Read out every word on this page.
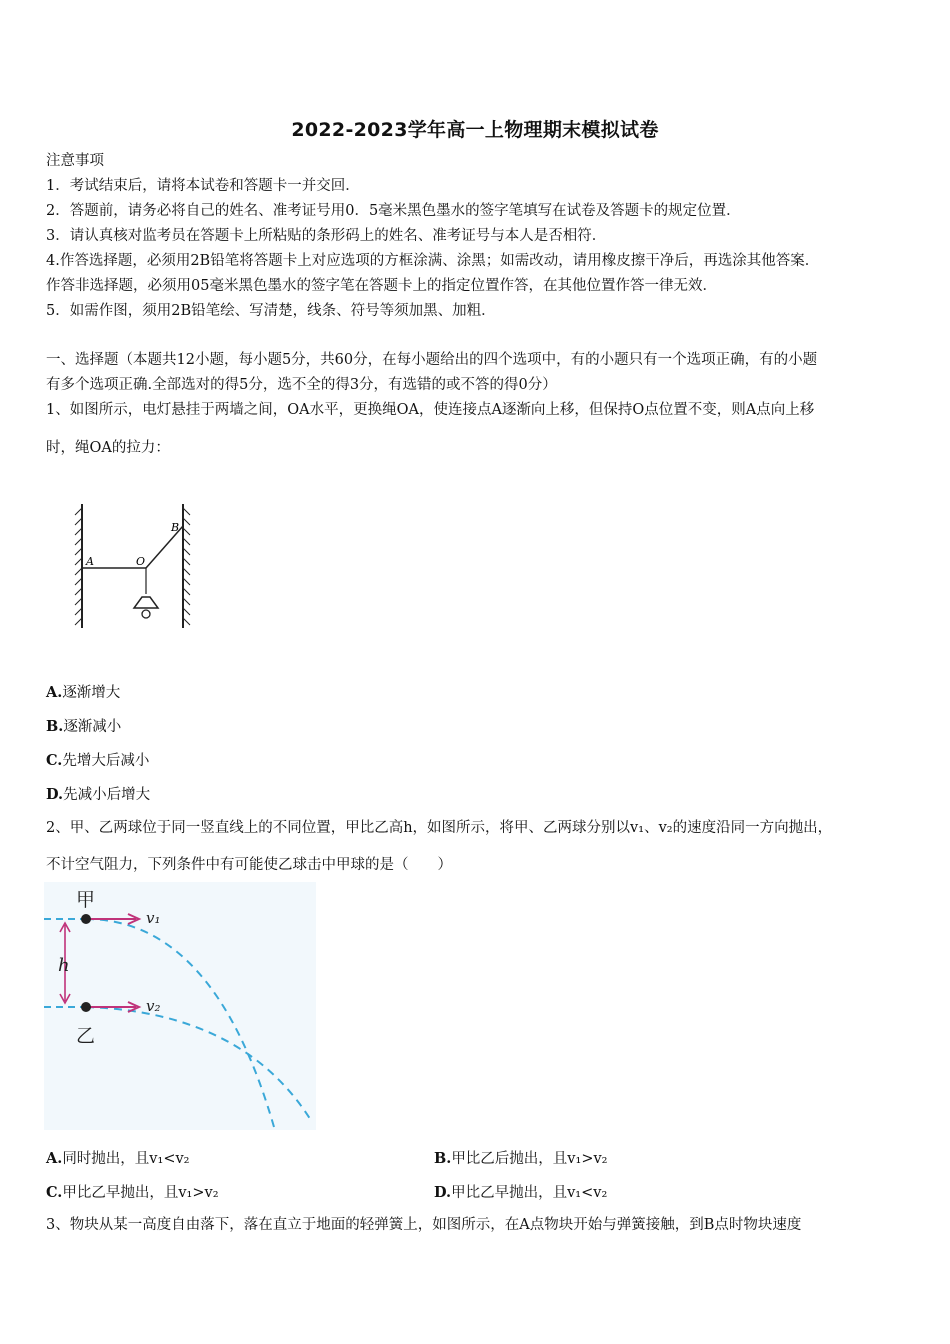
2022-2023学年高一上物理期末模拟试卷
注意事项
1．考试结束后，请将本试卷和答题卡一并交回．
2．答题前，请务必将自己的姓名、准考证号用0．5毫米黑色墨水的签字笔填写在试卷及答题卡的规定位置．
3．请认真核对监考员在答题卡上所粘贴的条形码上的姓名、准考证号与本人是否相符．
4.作答选择题，必须用2B铅笔将答题卡上对应选项的方框涂满、涂黑；如需改动，请用橡皮擦干净后，再选涂其他答案．
作答非选择题，必须用05毫米黑色墨水的签字笔在答题卡上的指定位置作答，在其他位置作答一律无效．
5．如需作图，须用2B铅笔绘、写清楚，线条、符号等须加黑、加粗．
一、选择题（本题共12小题，每小题5分，共60分，在每小题给出的四个选项中，有的小题只有一个选项正确，有的小题
有多个选项正确.全部选对的得5分，选不全的得3分，有选错的或不答的得0分）
1、如图所示，电灯悬挂于两墙之间，OA水平，更换绳OA，使连接点A逐渐向上移，但保持O点位置不变，则A点向上移
时，绳OA的拉力：
A	O
B
A.逐渐增大
B.逐渐减小
C.先增大后减小
D.先减小后增大
2、甲、乙两球位于同一竖直线上的不同位置，甲比乙高h，如图所示，将甲、乙两球分别以v₁、v₂的速度沿同一方向抛出，
不计空气阻力，下列条件中有可能使乙球击中甲球的是（　　）
甲
乙
h
v₁
v₂
A.同时抛出，且v₁<v₂	B.甲比乙后抛出，且v₁>v₂
C.甲比乙早抛出，且v₁>v₂	D.甲比乙早抛出，且v₁<v₂
3、物块从某一高度自由落下，落在直立于地面的轻弹簧上，如图所示，在A点物块开始与弹簧接触，到B点时物块速度
